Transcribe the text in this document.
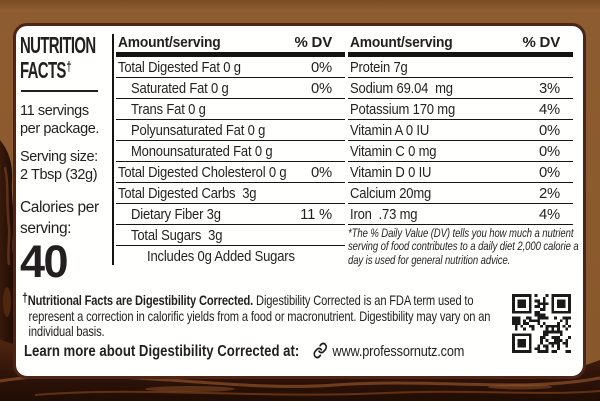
NUTRITION
FACTS†
11 servings
per package.
Serving size:
2 Tbsp (32g)
Calories per
serving:
40
Amount/serving	% DV
Total Digested Fat 0 g	0%
Saturated Fat 0 g	0%
Trans Fat 0 g
Polyunsaturated Fat 0 g
Monounsaturated Fat 0 g
Total Digested Cholesterol 0 g 0%
Total Digested Carbs  3g
Dietary Fiber 3g	11 %
Total Sugars  3g
Includes 0g Added Sugars
Amount/serving	% DV
Protein 7g
Sodium 69.04  mg	3%
Potassium 170 mg	4%
Vitamin A 0 IU	0%
Vitamin C 0 mg	0%
Vitamin D 0 IU	0%
Calcium 20mg	2%
Iron  .73 mg	4%
*The % Daily Value (DV) tells you how much a nutrient serving of food contributes to a daily diet 2,000 calorie a day is used for general nutrition advice.
†Nutritional Facts are Digestibility Corrected. Digestibility Corrected is an FDA term used to represent a correction in calorific yields from a food or macronutrient. Digestibility may vary on an individual basis.
Learn more about Digestibility Corrected at: www.professornutz.com
